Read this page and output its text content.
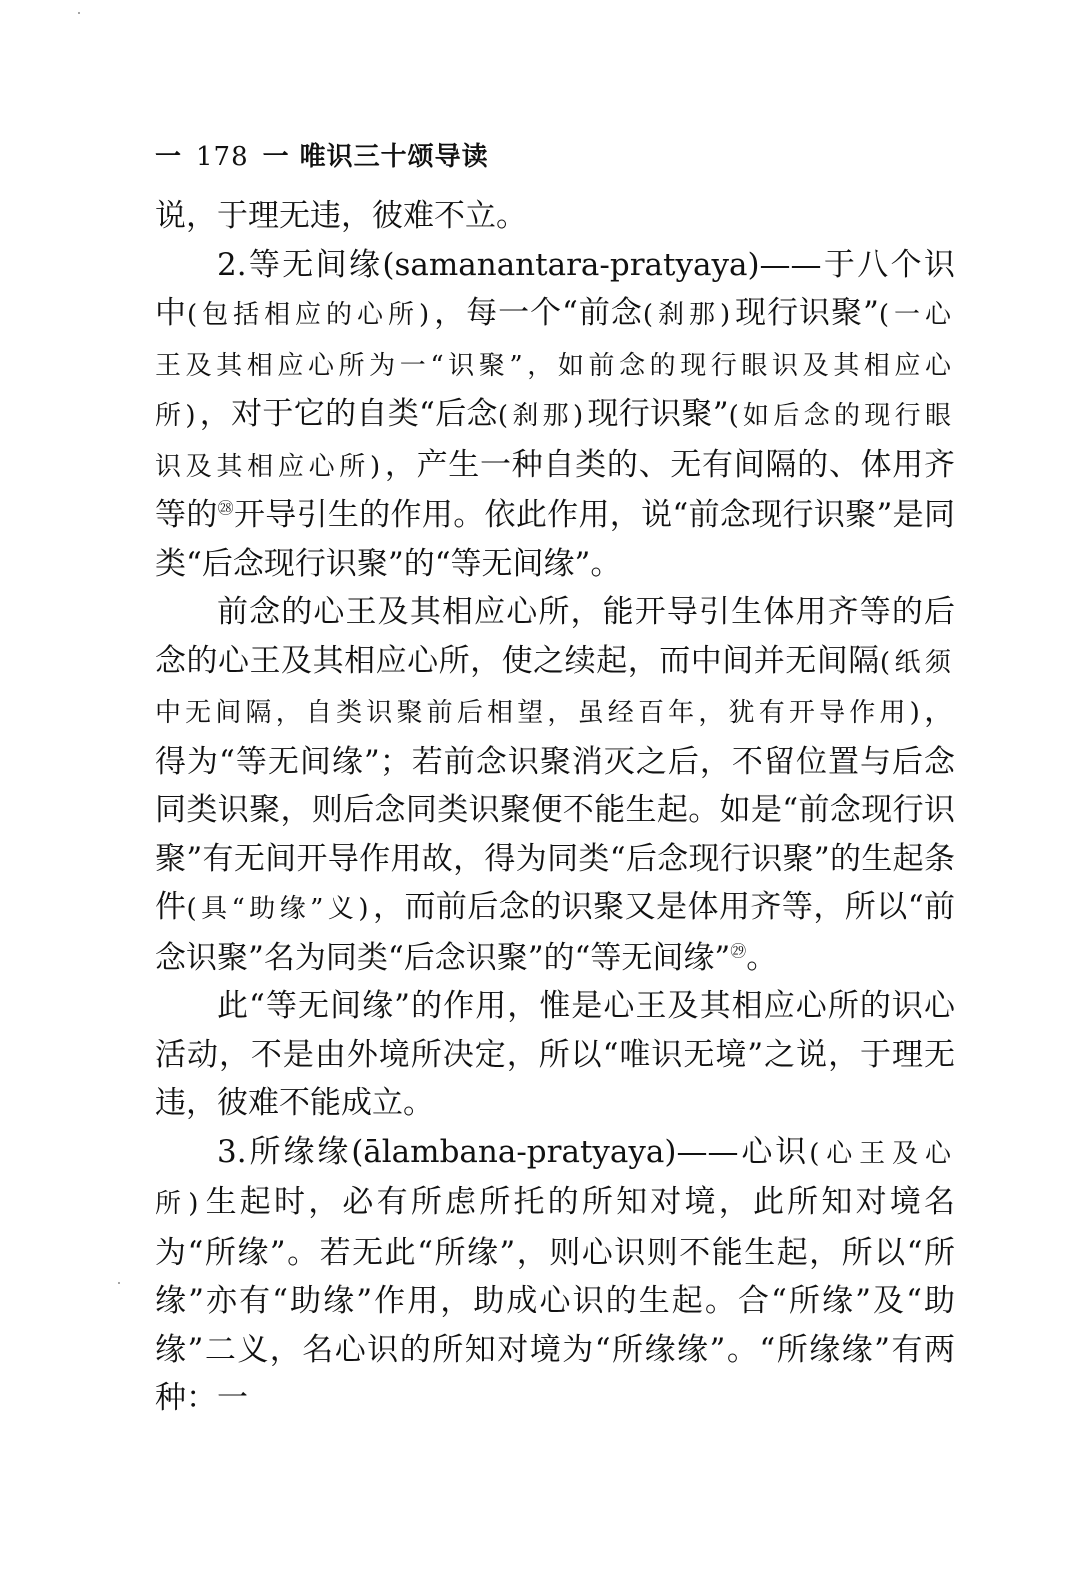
一 178 一 唯识三十颂导读

说，于理无违，彼难不立。

2.等无间缘(samanantara-pratyaya)——于八个识中(包括相应的心所)，每一个“前念(刹那)现行识聚”(一心王及其相应心所为一“识聚”，如前念的现行眼识及其相应心所)，对于它的自类“后念(刹那)现行识聚”(如后念的现行眼识及其相应心所)，产生一种自类的、无有间隔的、体用齐等的$^㉘$开导引生的作用。依此作用，说“前念现行识聚”是同类“后念现行识聚”的“等无间缘”。

前念的心王及其相应心所，能开导引生体用齐等的后念的心王及其相应心所，使之续起，而中间并无间隔(纸须中无间隔，自类识聚前后相望，虽经百年，犹有开导作用)，得为“等无间缘”；若前念识聚消灭之后，不留位置与后念同类识聚，则后念同类识聚便不能生起。如是“前念现行识聚”有无间开导作用故，得为同类“后念现行识聚”的生起条件(具“助缘”义)，而前后念的识聚又是体用齐等，所以“前念识聚”名为同类“后念识聚”的“等无间缘”$^㉙$。

此“等无间缘”的作用，惟是心王及其相应心所的识心活动，不是由外境所决定，所以“唯识无境”之说，于理无违，彼难不能成立。

3.所缘缘(ālambana-pratyaya)——心识(心王及心所)生起时，必有所虑所托的所知对境，此所知对境名为“所缘”。若无此“所缘”，则心识则不能生起，所以“所缘”亦有“助缘”作用，助成心识的生起。合“所缘”及“助缘”二义，名心识的所知对境为“所缘缘”。“所缘缘”有两种：一
